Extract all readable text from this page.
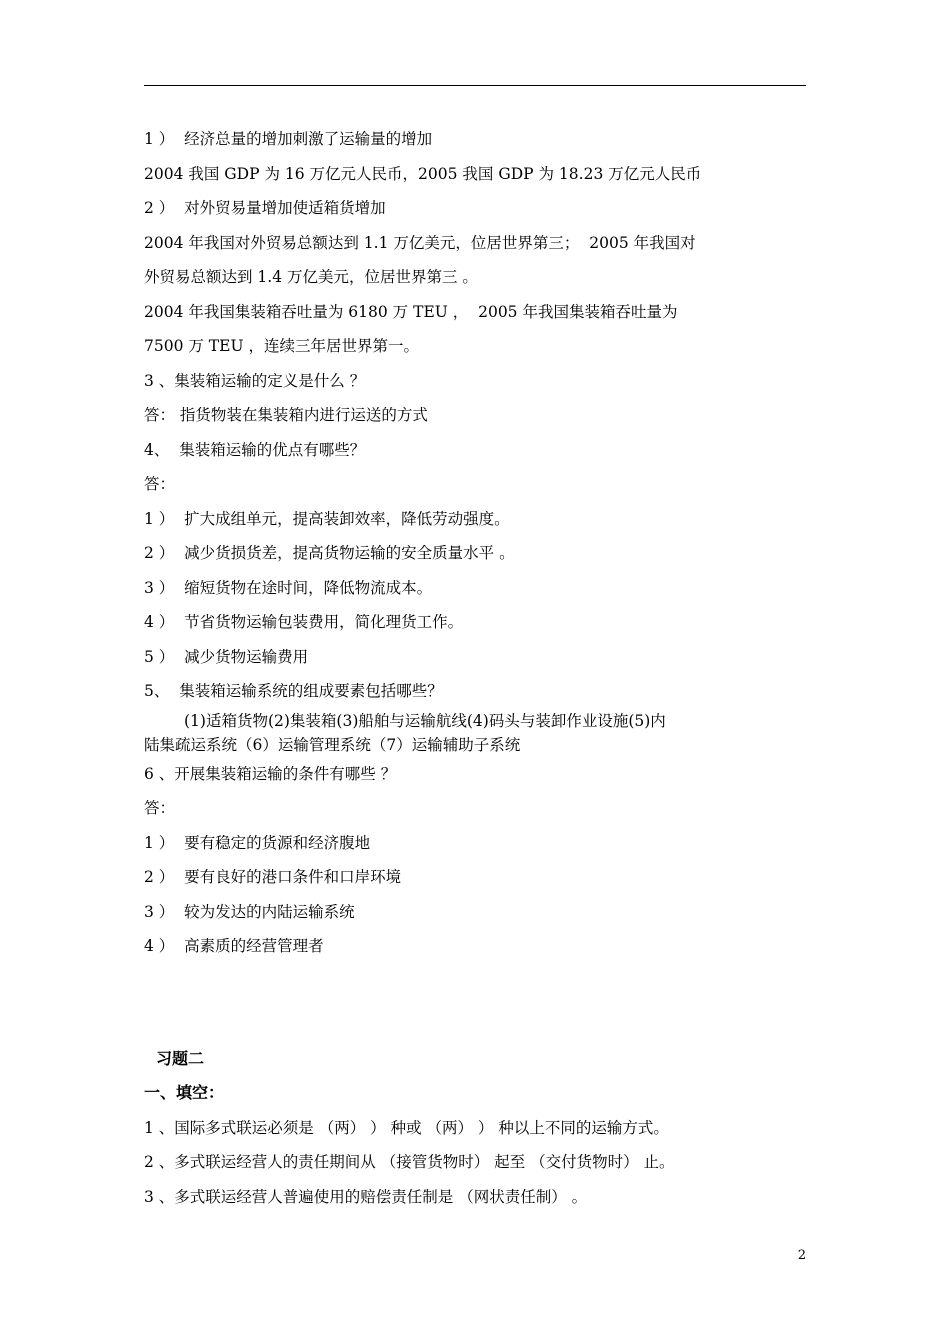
1 ）  经济总量的增加刺激了运输量的增加
2004 我国 GDP 为 16 万亿元人民币，2005 我国 GDP 为 18.23 万亿元人民币
2 ）  对外贸易量增加使适箱货增加
2004 年我国对外贸易总额达到 1.1 万亿美元，位居世界第三；  2005 年我国对
外贸易总额达到 1.4 万亿美元，位居世界第三 。
2004 年我国集装箱吞吐量为 6180 万 TEU ，  2005 年我国集装箱吞吐量为
7500 万 TEU ，连续三年居世界第一。
3 、集装箱运输的定义是什么 ？
答： 指货物装在集装箱内进行运送的方式
4、  集装箱运输的优点有哪些？
答：
1 ）  扩大成组单元，提高装卸效率，降低劳动强度。
2 ）  减少货损货差，提高货物运输的安全质量水平 。
3 ）  缩短货物在途时间，降低物流成本。
4 ）  节省货物运输包装费用，简化理货工作。
5 ）  减少货物运输费用
5、  集装箱运输系统的组成要素包括哪些？
(1)适箱货物(2)集装箱(3)船舶与运输航线(4)码头与装卸作业设施(5)内
陆集疏运系统（6）运输管理系统（7）运输辅助子系统
6 、开展集装箱运输的条件有哪些 ？
答：
1 ）  要有稳定的货源和经济腹地
2 ）  要有良好的港口条件和口岸环境
3 ）  较为发达的内陆运输系统
4 ）  高素质的经营管理者
习题二
一、填空：
1 、国际多式联运必须是 （两） ） 种或 （两） ） 种以上不同的运输方式。
2 、多式联运经营人的责任期间从 （接管货物时） 起至 （交付货物时） 止。
3 、多式联运经营人普遍使用的赔偿责任制是 （网状责任制） 。
2
